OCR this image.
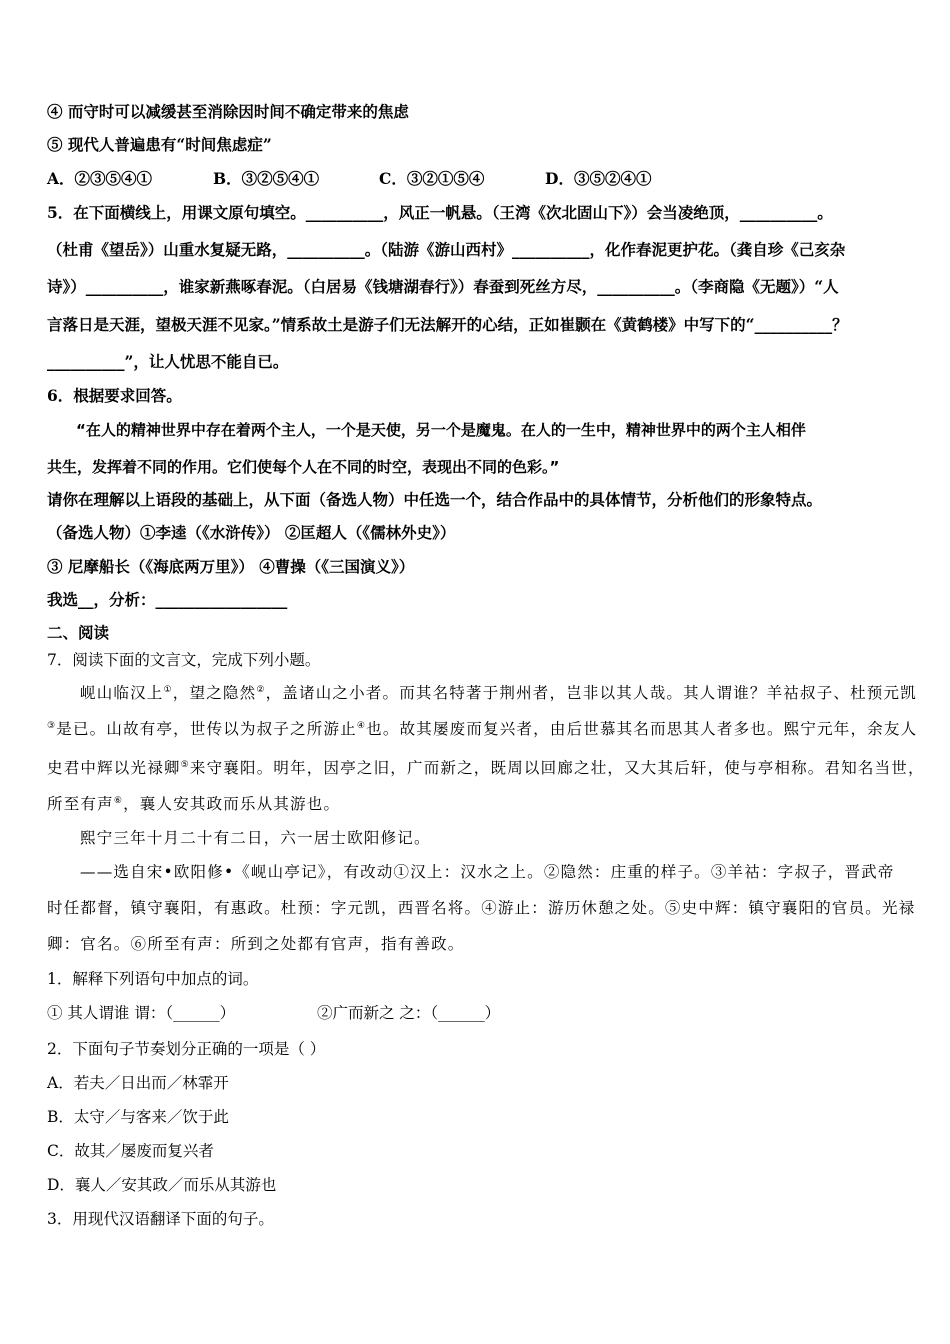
④ 而守时可以减缓甚至消除因时间不确定带来的焦虑
⑤ 现代人普遍患有“时间焦虑症”
A．②③⑤④①	B．③②⑤④①	C．③②①⑤④	D．③⑤②④①
5．在下面横线上，用课文原句填空。__________，风正一帆悬。（王湾《次北固山下》）会当凌绝顶，__________。
（杜甫《望岳》）山重水复疑无路，__________。（陆游《游山西村》__________，化作春泥更护花。（龚自珍《己亥杂
诗》）__________，谁家新燕啄春泥。（白居易《钱塘湖春行》）春蚕到死丝方尽，__________。（李商隐《无题》）“人
言落日是天涯，望极天涯不见家。”情系故土是游子们无法解开的心结，正如崔颢在《黄鹤楼》中写下的“__________？
__________”，让人忧思不能自已。
6．根据要求回答。
“在人的精神世界中存在着两个主人，一个是天使，另一个是魔鬼。在人的一生中，精神世界中的两个主人相伴
共生，发挥着不同的作用。它们使每个人在不同的时空，表现出不同的色彩。”
请你在理解以上语段的基础上，从下面（备选人物）中任选一个，结合作品中的具体情节，分析他们的形象特点。
（备选人物）①李逵（《水浒传》） ②匡超人（《儒林外史》）
③ 尼摩船长（《海底两万里》） ④曹操（《三国演义》）
我选__，分析：_________________
二、阅读
7．阅读下面的文言文，完成下列小题。
岘山临汉上①，望之隐然②，盖诸山之小者。而其名特著于荆州者，岂非以其人哉。其人谓谁？羊祜叔子、杜预元凯
③是已。山故有亭，世传以为叔子之所游止④也。故其屡废而复兴者，由后世慕其名而思其人者多也。熙宁元年，余友人
史君中辉以光禄卿⑤来守襄阳。明年，因亭之旧，广而新之，既周以回廊之壮，又大其后轩，使与亭相称。君知名当世，
所至有声⑥，襄人安其政而乐从其游也。
熙宁三年十月二十有二日，六一居士欧阳修记。
——选自宋•欧阳修•《岘山亭记》，有改动①汉上：汉水之上。②隐然：庄重的样子。③羊祜：字叔子，晋武帝
时任都督，镇守襄阳，有惠政。杜预：字元凯，西晋名将。④游止：游历休憩之处。⑤史中辉：镇守襄阳的官员。光禄
卿：官名。⑥所至有声：所到之处都有官声，指有善政。
1．解释下列语句中加点的词。
① 其人谓谁 谓：（______）	②广而新之 之：（______）
2．下面句子节奏划分正确的一项是（ ）
A．若夫／日出而／林霏开
B．太守／与客来／饮于此
C．故其／屡废而复兴者
D．襄人／安其政／而乐从其游也
3．用现代汉语翻译下面的句子。
